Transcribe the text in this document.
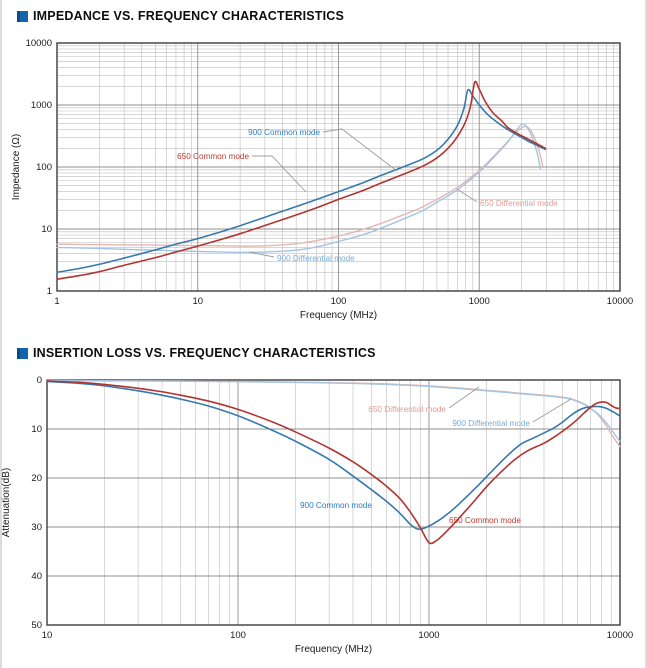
IMPEDANCE VS. FREQUENCY CHARACTERISTICS
1	10	100	1000	10000
1
10
100
1000
10000
Frequency (MHz)
Impedance (Ω)
900 Common mode
650 Common mode
650 Differential mode
900 Differential mode
INSERTION LOSS VS. FREQUENCY CHARACTERISTICS
10	100	1000	10000
0
10
20
30
40
50
Frequency (MHz)
Attenuation(dB)
650 Differential mode
900 Differential mode
900 Common mode
650 Common mode
